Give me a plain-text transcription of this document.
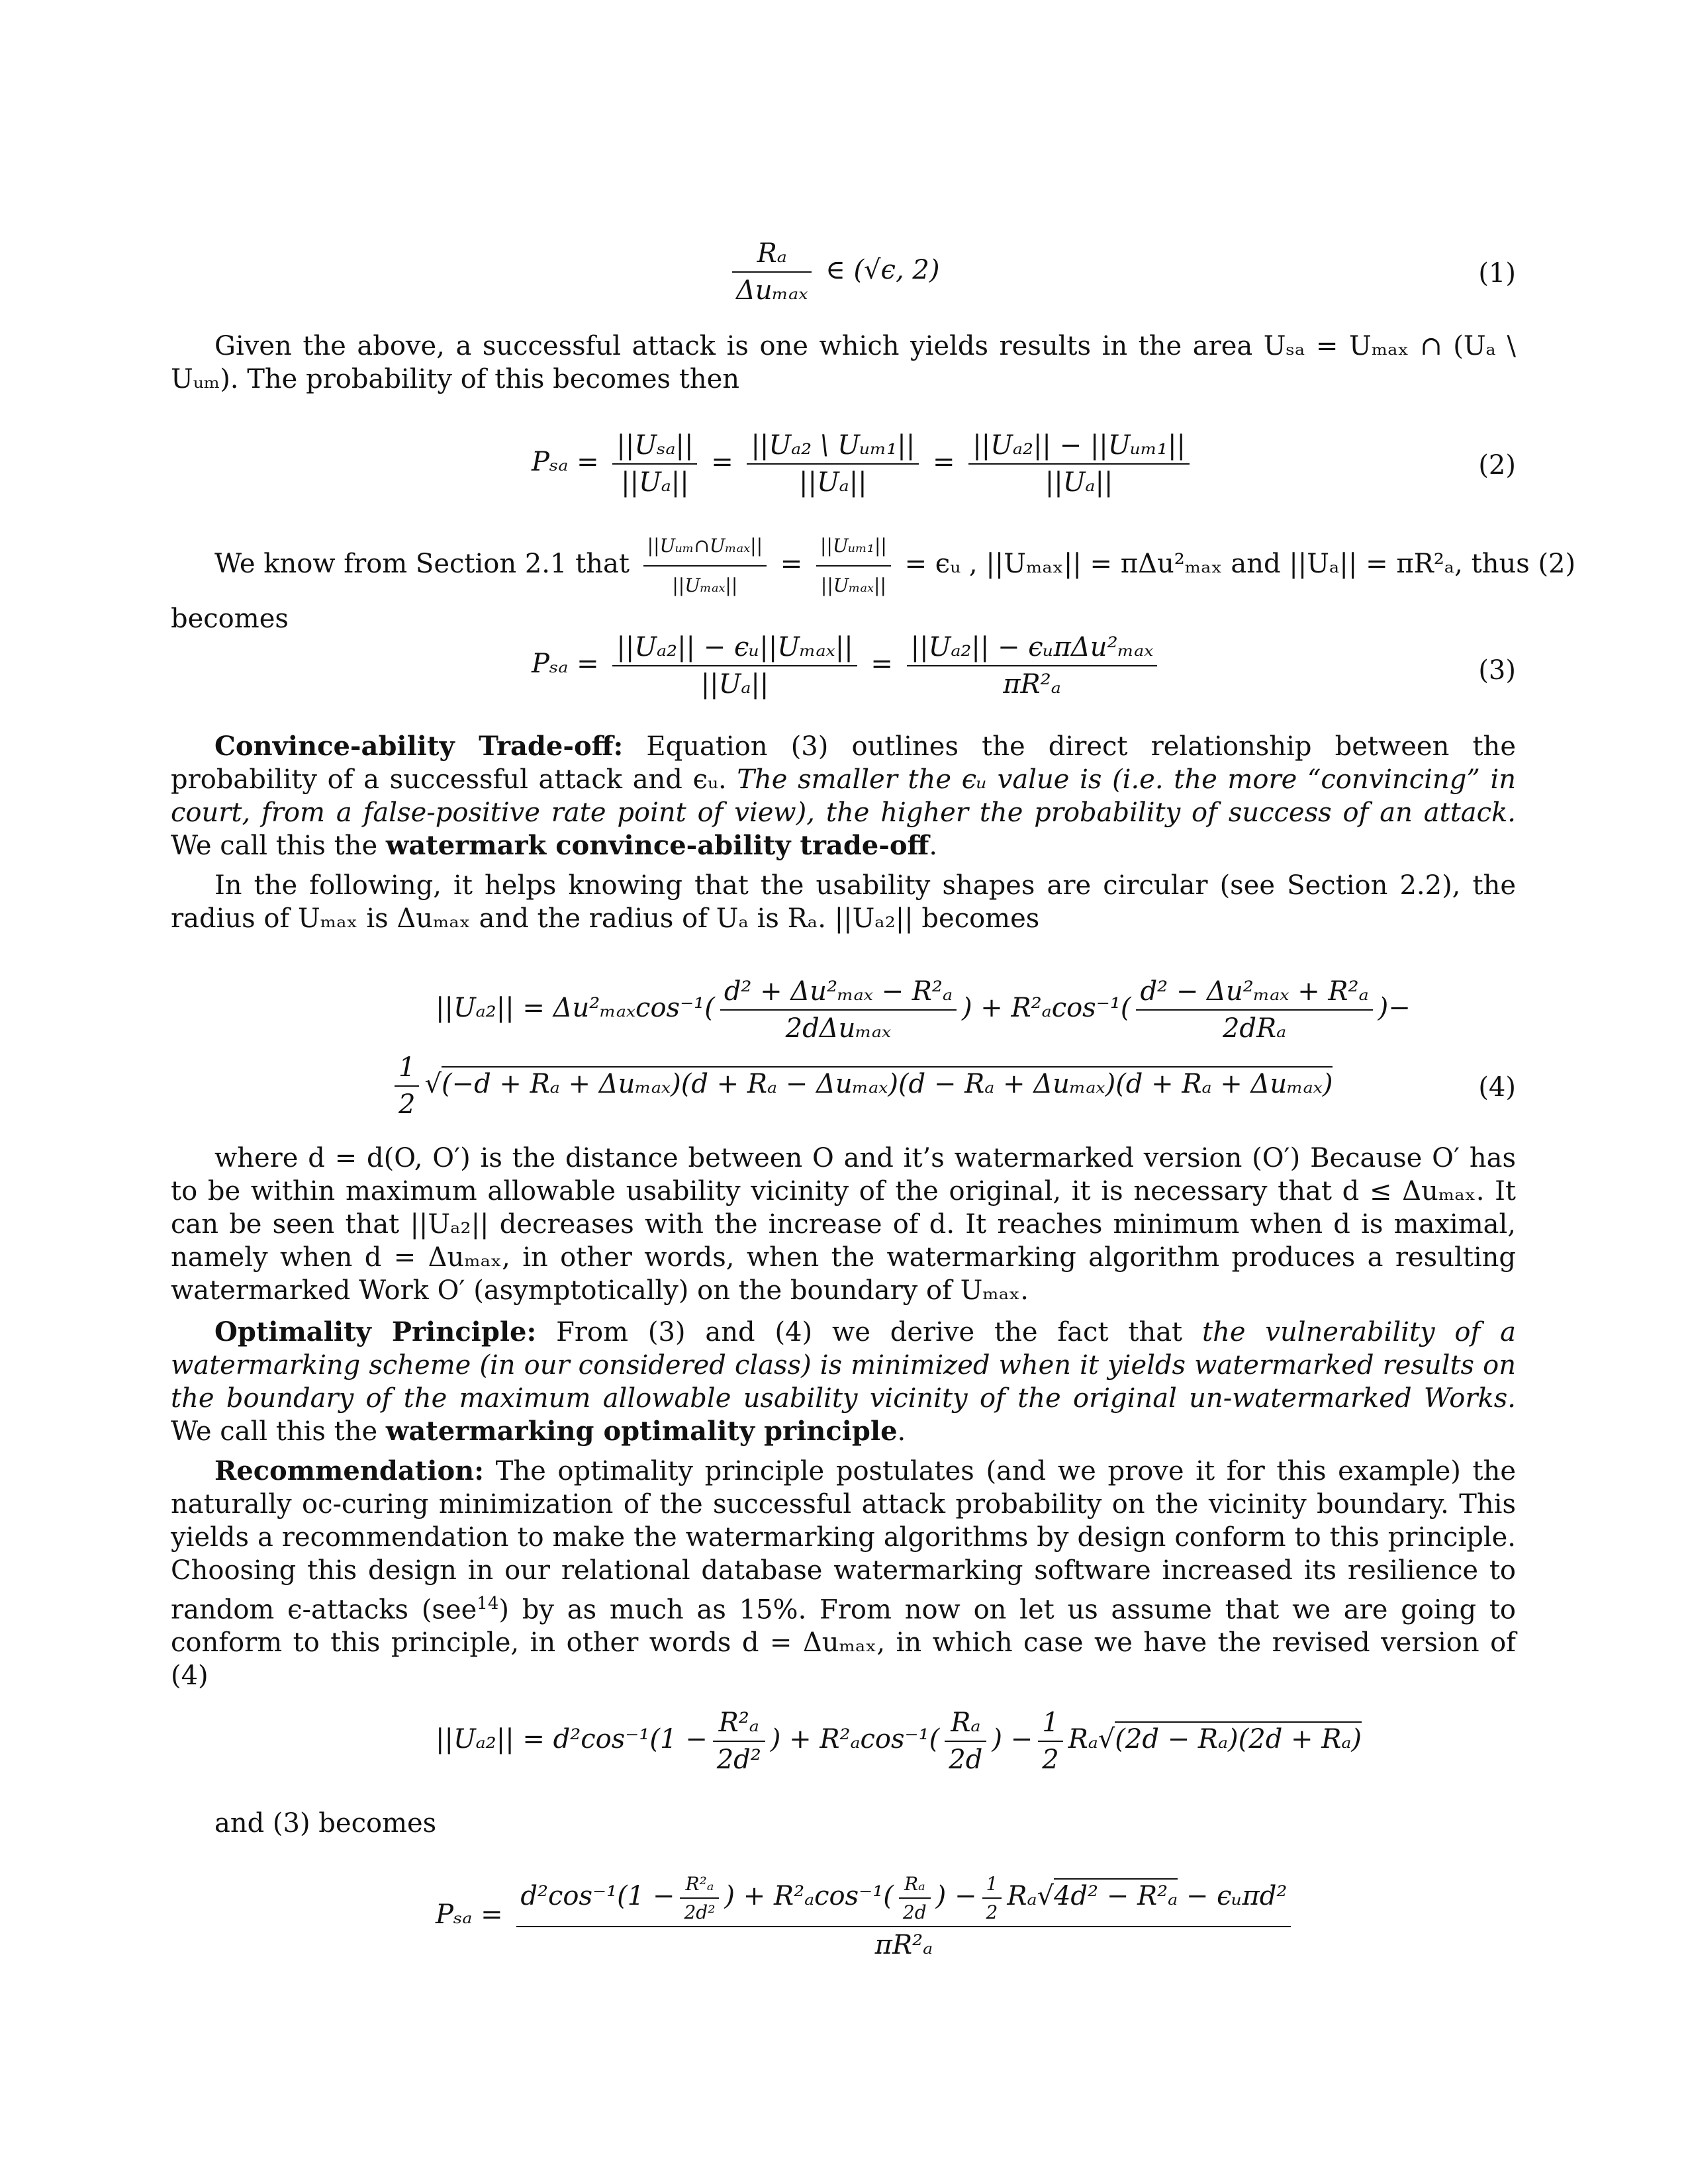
$\frac{\text{Rₐ}}{\text{Δuₘₐₓ}}$ ∈ (√ϵ, 2)	(1)
Given the above, a successful attack is one which yields results in the area Uₛₐ = Uₘₐₓ ∩ (Uₐ \ Uᵤₘ). The probability of this becomes then
$P_{sa} = \frac{\text{||Uₛₐ||}}{\text{||Uₐ||}} = \frac{\text{||Uₐ₂ \textbackslash{} Uᵤₘ₁||}}{\text{||Uₐ||}} = \frac{\text{||Uₐ₂|| − ||Uᵤₘ₁||}}{\text{||Uₐ||}}$	(2)
We know from Section 2.1 that $\frac{\text{||Uᵤₘ∩Uₘₐₓ||}}{\text{||Uₘₐₓ||}} = \frac{\text{||Uᵤₘ₁||}}{\text{||Uₘₐₓ||}}$ = ϵᵤ , ||Uₘₐₓ|| = πΔu²ₘₐₓ and ||Uₐ|| = πR²ₐ, thus (2)
becomes
$P_{sa} = \frac{\text{||Uₐ₂|| − ϵᵤ||Uₘₐₓ||}}{\text{||Uₐ||}} = \frac{\text{||Uₐ₂|| − ϵᵤπΔu²ₘₐₓ}}{\text{πR²ₐ}}$	(3)
Convince-ability Trade-off: Equation (3) outlines the direct relationship between the probability of a successful attack and ϵᵤ. The smaller the ϵᵤ value is (i.e. the more “convincing” in court, from a false-positive rate point of view), the higher the probability of success of an attack. We call this the watermark convince-ability trade-off.
In the following, it helps knowing that the usability shapes are circular (see Section 2.2), the radius of Uₘₐₓ is Δuₘₐₓ and the radius of Uₐ is Rₐ. ||Uₐ₂|| becomes
$||U_{a2}|| = \Delta u^2_{max}\cos^{-1}( \frac{\text{d² + Δu²ₘₐₓ − R²ₐ}}{\text{2dΔuₘₐₓ}}$ ) + $R^2_a\cos^{-1}( \frac{\text{d² − Δu²ₘₐₓ + R²ₐ}}{\text{2dRₐ}}$ )−
$\frac{1}{2} √(-d + R_a + \Delta u_{max})(d + R_a - \Delta u_{max})(d - R_a + \Delta u_{max})(d + R_a + \Delta u_{max})$	(4)
where d = d(O, O′) is the distance between O and it’s watermarked version (O′) Because O′ has to be within maximum allowable usability vicinity of the original, it is necessary that d ≤ Δuₘₐₓ. It can be seen that ||Uₐ₂|| decreases with the increase of d. It reaches minimum when d is maximal, namely when d = Δuₘₐₓ, in other words, when the watermarking algorithm produces a resulting watermarked Work O′ (asymptotically) on the boundary of Uₘₐₓ.
Optimality Principle: From (3) and (4) we derive the fact that the vulnerability of a watermarking scheme (in our considered class) is minimized when it yields watermarked results on the boundary of the maximum allowable usability vicinity of the original un-watermarked Works. We call this the watermarking optimality principle.
Recommendation: The optimality principle postulates (and we prove it for this example) the naturally oc-curing minimization of the successful attack probability on the vicinity boundary. This yields a recommendation to make the watermarking algorithms by design conform to this principle. Choosing this design in our relational database watermarking software increased its resilience to random ϵ-attacks (see$^{14}$) by as much as 15%. From now on let us assume that we are going to conform to this principle, in other words d = Δuₘₐₓ, in which case we have the revised version of (4)
$||U_{a2}|| = d^2\cos^{-1}(1 - \frac{\text{R²ₐ}}{\text{2d²}}$ ) + $R^2_a\cos^{-1}( \frac{\text{Rₐ}}{2d}$ ) − $\frac{1}{2} R_a√(2d - R_a)(2d + R_a)$
and (3) becomes
$P_{sa} = \frac{d^2\cos^{-1}(1 - \frac{\text{R²ₐ}}{\text{2d²}} ) + R^2_a\cos^{-1}( \frac{\text{Rₐ}}{2d} ) - \frac{1}{2} R_a√4d^2 - R^2_a - \epsilon ᵤ\pi d^2}{\text{πR²ₐ}}$
